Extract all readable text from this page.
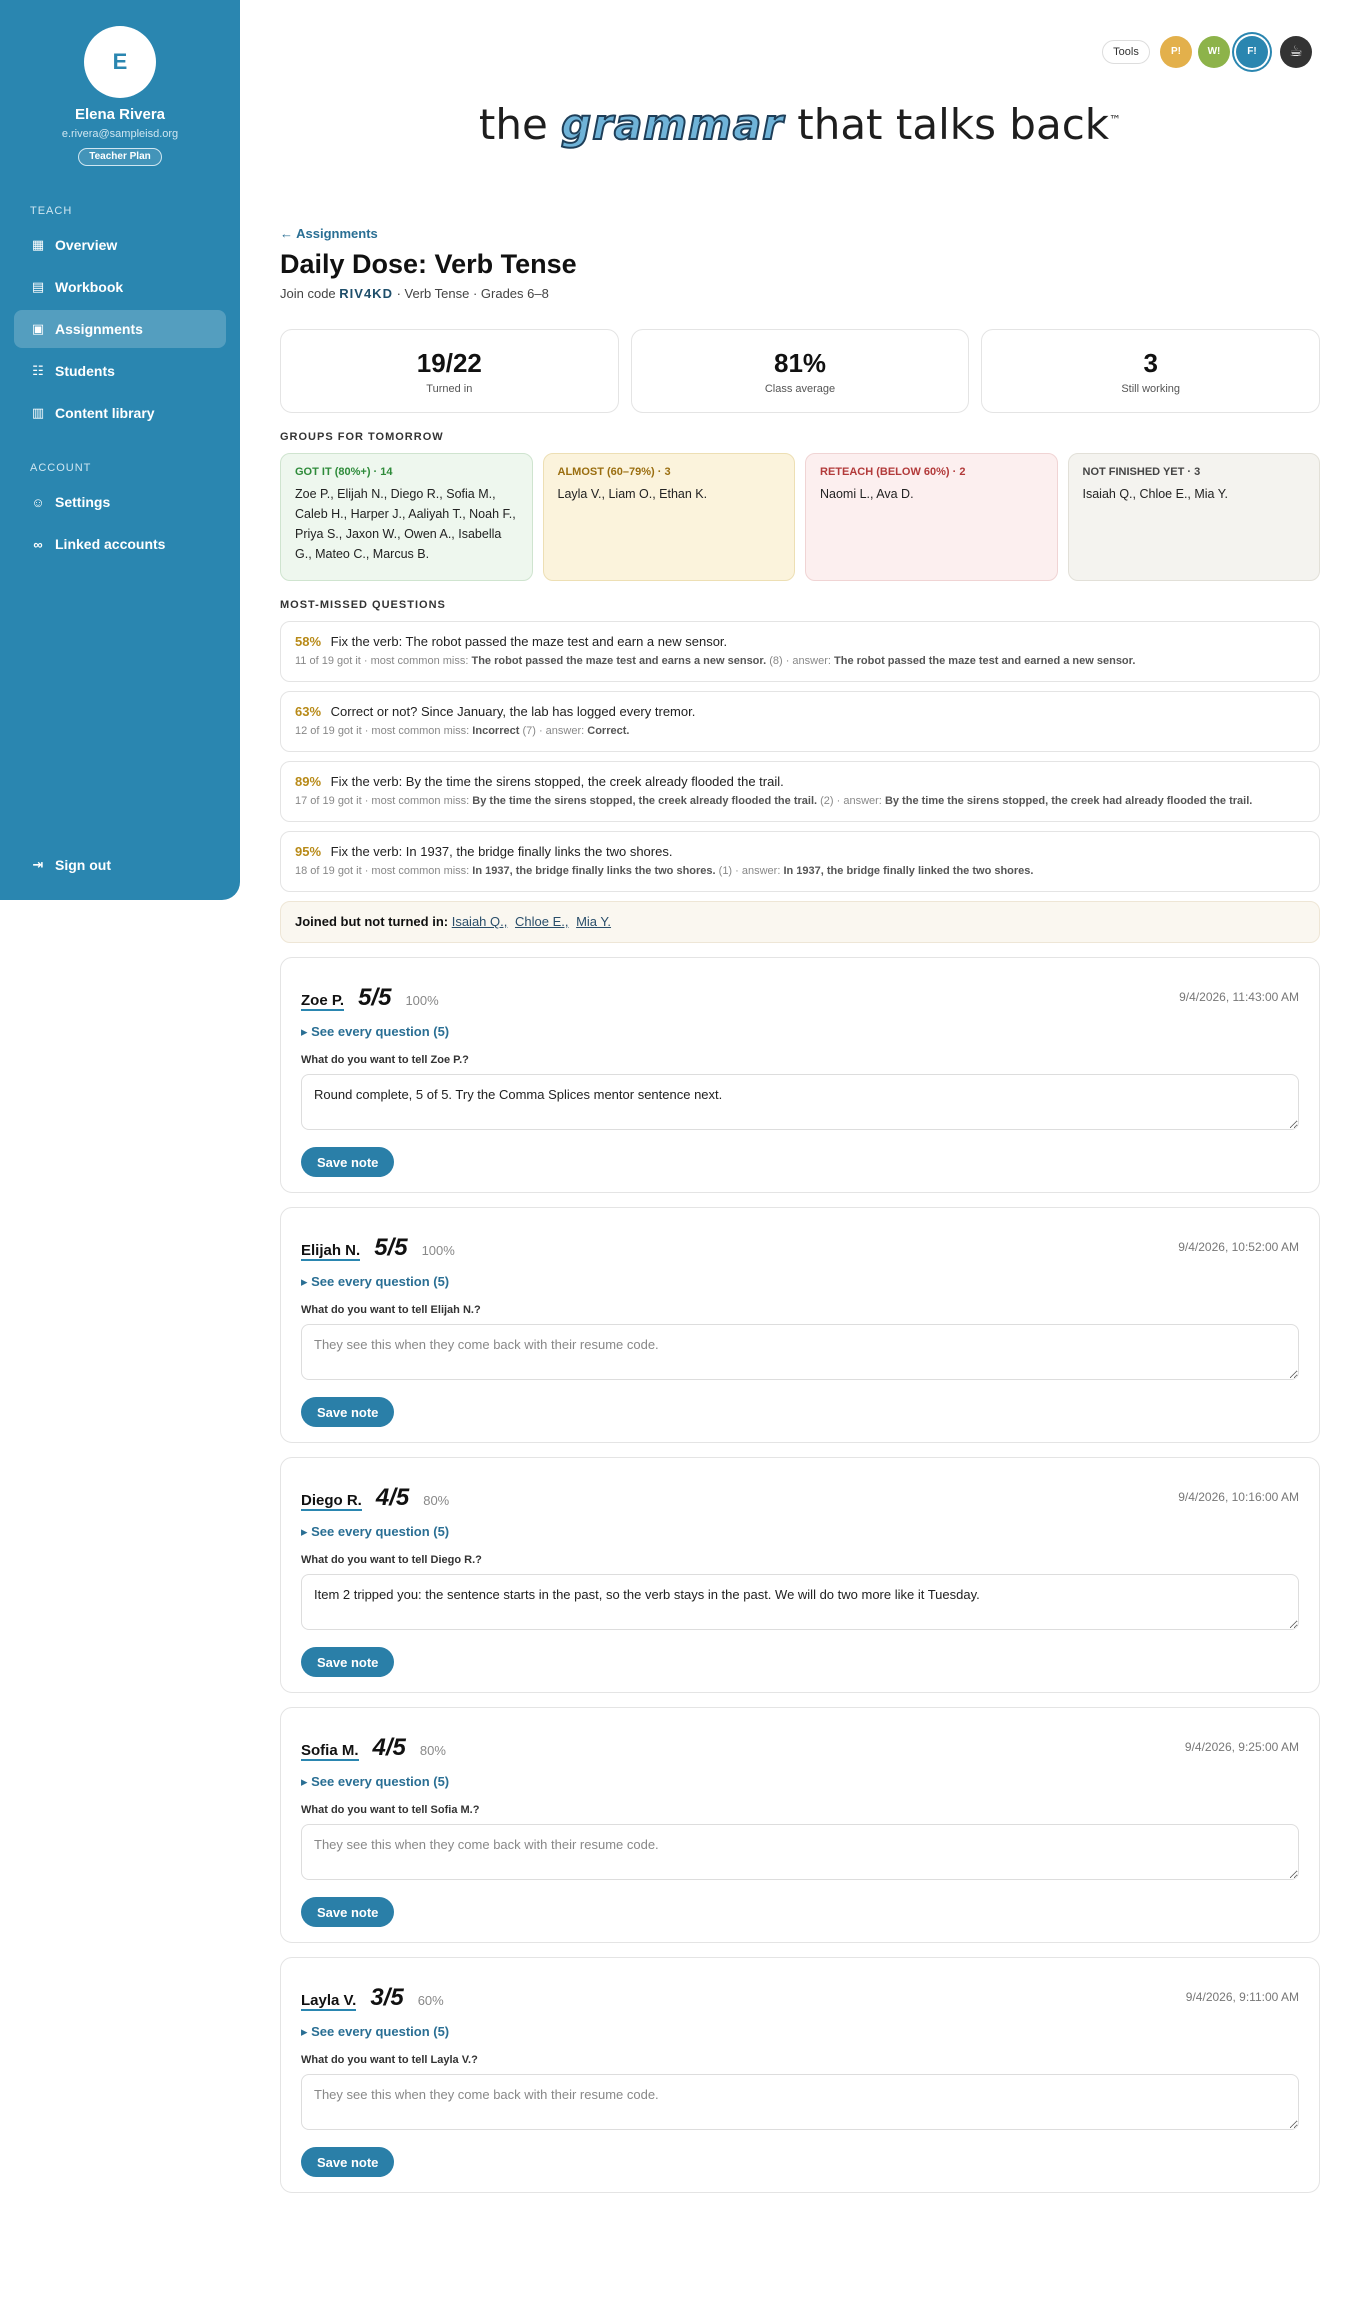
E
Elena Rivera
e.rivera@sampleisd.org
Teacher Plan
TEACH
▦ Overview
▤ Workbook
▣ Assignments
☷ Students
▥ Content library
ACCOUNT
☺ Settings
∞ Linked accounts
⇥ Sign out
Tools	P!	W!	F!	☕
the grammar that talks back™
← Assignments
Daily Dose: Verb Tense
Join code RIV4KD · Verb Tense · Grades 6–8
19/22
Turned in
81%
Class average
3
Still working
GROUPS FOR TOMORROW
GOT IT (80%+) · 14
Zoe P., Elijah N., Diego R., Sofia M., Caleb H., Harper J., Aaliyah T., Noah F., Priya S., Jaxon W., Owen A., Isabella G., Mateo C., Marcus B.
ALMOST (60–79%) · 3
Layla V., Liam O., Ethan K.
RETEACH (BELOW 60%) · 2
Naomi L., Ava D.
NOT FINISHED YET · 3
Isaiah Q., Chloe E., Mia Y.
MOST-MISSED QUESTIONS
58% Fix the verb: The robot passed the maze test and earn a new sensor.
11 of 19 got it · most common miss: The robot passed the maze test and earns a new sensor. (8) · answer: The robot passed the maze test and earned a new sensor.
63% Correct or not? Since January, the lab has logged every tremor.
12 of 19 got it · most common miss: Incorrect (7) · answer: Correct.
89% Fix the verb: By the time the sirens stopped, the creek already flooded the trail.
17 of 19 got it · most common miss: By the time the sirens stopped, the creek already flooded the trail. (2) · answer: By the time the sirens stopped, the creek had already flooded the trail.
95% Fix the verb: In 1937, the bridge finally links the two shores.
18 of 19 got it · most common miss: In 1937, the bridge finally links the two shores. (1) · answer: In 1937, the bridge finally linked the two shores.
Joined but not turned in: Isaiah Q., Chloe E., Mia Y.
Zoe P. 5/5 100%	9/4/2026, 11:43:00 AM
▸ See every question (5)
What do you want to tell Zoe P.?
Round complete, 5 of 5. Try the Comma Splices mentor sentence next. Save note
Elijah N. 5/5 100%	9/4/2026, 10:52:00 AM
▸ See every question (5)
What do you want to tell Elijah N.?
They see this when they come back with their resume code. Save note
Diego R. 4/5 80%	9/4/2026, 10:16:00 AM
▸ See every question (5)
What do you want to tell Diego R.?
Item 2 tripped you: the sentence starts in the past, so the verb stays in the past. We will do two more like it Tuesday. Save note
Sofia M. 4/5 80%	9/4/2026, 9:25:00 AM
▸ See every question (5)
What do you want to tell Sofia M.?
They see this when they come back with their resume code. Save note
Layla V. 3/5 60%	9/4/2026, 9:11:00 AM
▸ See every question (5)
What do you want to tell Layla V.?
They see this when they come back with their resume code. Save note
